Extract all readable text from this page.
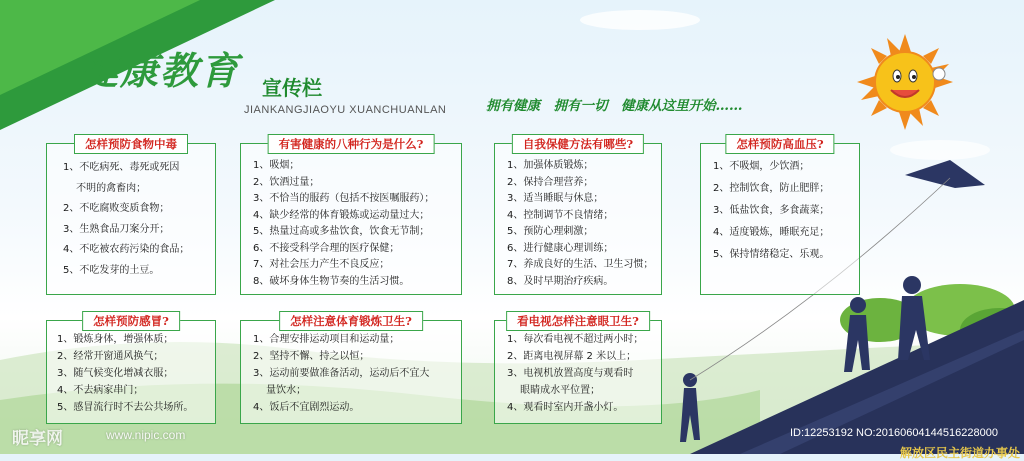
健康教育 宣传栏
JIANKANGJIAOYU XUANCHUANLAN	拥有健康　拥有一切　健康从这里开始……
怎样预防食物中毒
1、不吃病死、毒死或死因
　 不明的禽畜肉；
2、不吃腐败变质食物；
3、生熟食品刀案分开；
4、不吃被农药污染的食品；
5、不吃发芽的土豆。
有害健康的八种行为是什么?
1、吸烟；
2、饮酒过量；
3、不恰当的服药（包括不按医嘱服药）；
4、缺少经常的体育锻炼或运动量过大；
5、热量过高或多盐饮食，饮食无节制；
6、不接受科学合理的医疗保健；
7、对社会压力产生不良反应；
8、破坏身体生物节奏的生活习惯。
自我保健方法有哪些?
1、加强体质锻炼；
2、保持合理营养；
3、适当睡眠与休息；
4、控制调节不良情绪；
5、预防心理刺激；
6、进行健康心理训练；
7、养成良好的生活、卫生习惯；
8、及时早期治疗疾病。
怎样预防高血压?
1、不吸烟，少饮酒；
2、控制饮食，防止肥胖；
3、低盐饮食，多食蔬菜；
4、适度锻炼，睡眠充足；
5、保持情绪稳定、乐观。
怎样预防感冒?
1、锻炼身体，增强体质；
2、经常开窗通风换气；
3、随气候变化增减衣服；
4、不去病家串门；
5、感冒流行时不去公共场所。
怎样注意体育锻炼卫生?
1、合理安排运动项目和运动量；
2、坚持不懈、持之以恒；
3、运动前要做准备活动，运动后不宜大
　 量饮水；
4、饭后不宜剧烈运动。
看电视怎样注意眼卫生?
1、每次看电视不超过两小时；
2、距离电视屏幕 2 米以上；
3、电视机放置高度与观看时
　 眼睛成水平位置；
4、观看时室内开盏小灯。
昵享网	www.nipic.com	ID:12253192 NO:20160604144516228000
解放区民主街道办事处
